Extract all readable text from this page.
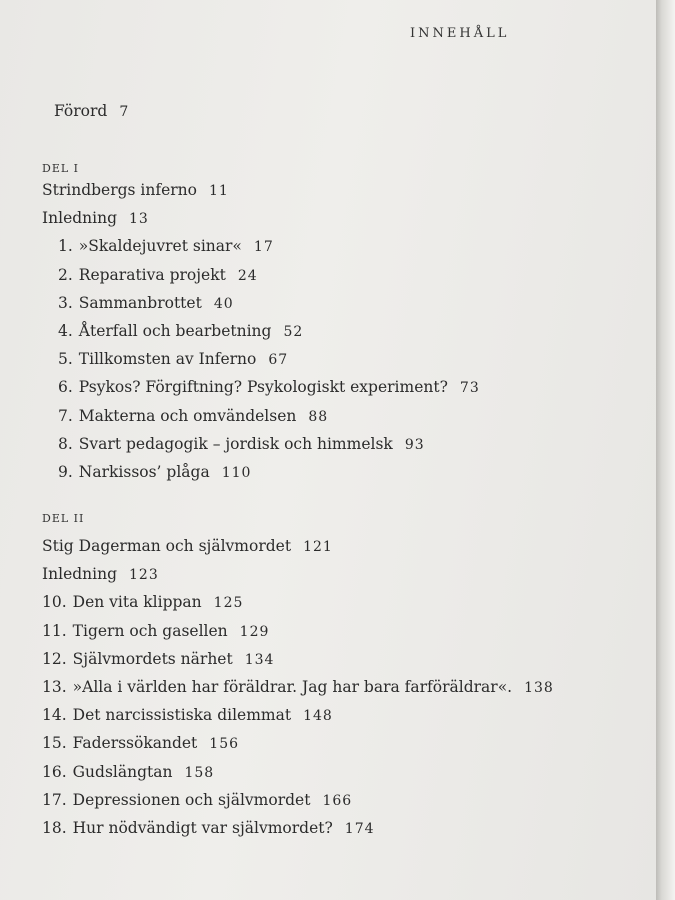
INNEHÅLL
Förord 7
DEL I
Strindbergs inferno 11
Inledning 13
1. »Skaldejuvret sinar« 17
2. Reparativa projekt 24
3. Sammanbrottet 40
4. Återfall och bearbetning 52
5. Tillkomsten av Inferno 67
6. Psykos? Förgiftning? Psykologiskt experiment? 73
7. Makterna och omvändelsen 88
8. Svart pedagogik – jordisk och himmelsk 93
9. Narkissos’ plåga 110
DEL II
Stig Dagerman och självmordet 121
Inledning 123
10. Den vita klippan 125
11. Tigern och gasellen 129
12. Självmordets närhet 134
13. »Alla i världen har föräldrar. Jag har bara farföräldrar«. 138
14. Det narcissistiska dilemmat 148
15. Faderssökandet 156
16. Gudslängtan 158
17. Depressionen och självmordet 166
18. Hur nödvändigt var självmordet? 174
